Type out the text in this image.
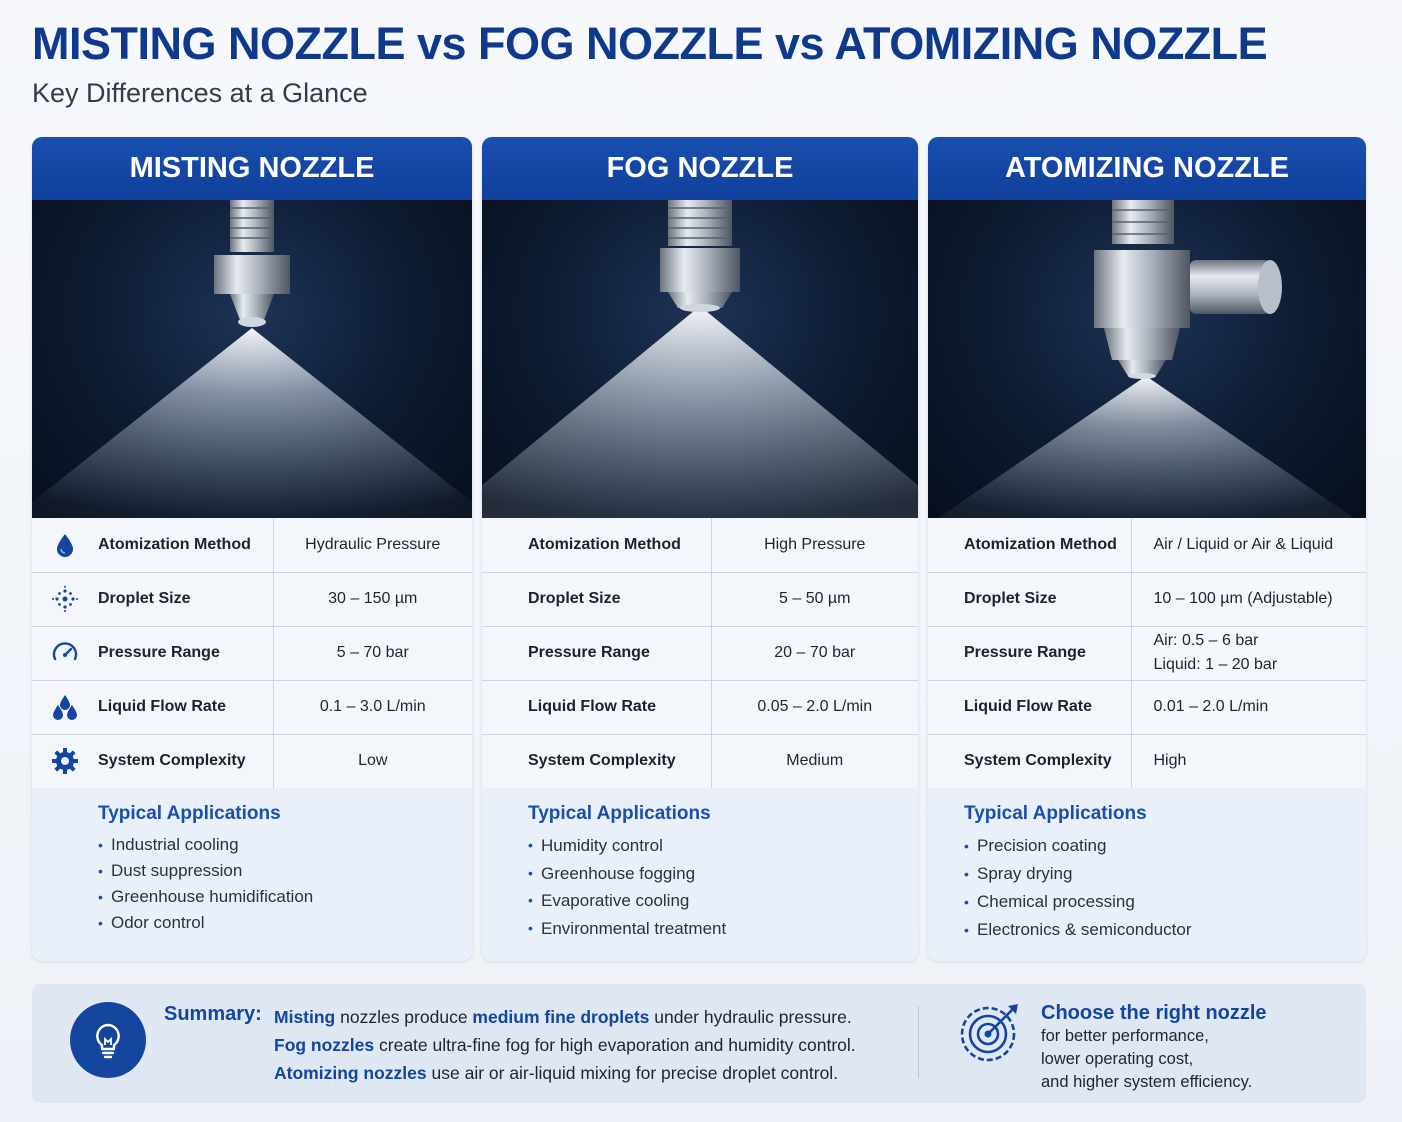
MISTING NOZZLE vs FOG NOZZLE vs ATOMIZING NOZZLE
Key Differences at a Glance
MISTING NOZZLE
	Atomization Method	Hydraulic Pressure
	Droplet Size	30 – 150 µm
	Pressure Range	5 – 70 bar
	Liquid Flow Rate	0.1 – 3.0 L/min
	System Complexity	Low
Typical Applications
• Industrial cooling
• Dust suppression
• Greenhouse humidification
• Odor control
FOG NOZZLE
Atomization Method	High Pressure
Droplet Size	5 – 50 µm
Pressure Range	20 – 70 bar
Liquid Flow Rate	0.05 – 2.0 L/min
System Complexity	Medium
Typical Applications
• Humidity control
• Greenhouse fogging
• Evaporative cooling
• Environmental treatment
ATOMIZING NOZZLE
Atomization Method	Air / Liquid or Air & Liquid
Droplet Size	10 – 100 µm (Adjustable)
Pressure Range	Air: 0.5 – 6 bar
Liquid: 1 – 20 bar

Liquid Flow Rate	0.01 – 2.0 L/min
System Complexity	High
Typical Applications
• Precision coating
• Spray drying
• Chemical processing
• Electronics & semiconductor
Summary: Misting nozzles produce medium fine droplets under hydraulic pressure.
Fog nozzles create ultra-fine fog for high evaporation and humidity control.
Atomizing nozzles use air or air-liquid mixing for precise droplet control.
Choose the right nozzle
for better performance,
lower operating cost,
and higher system efficiency.
